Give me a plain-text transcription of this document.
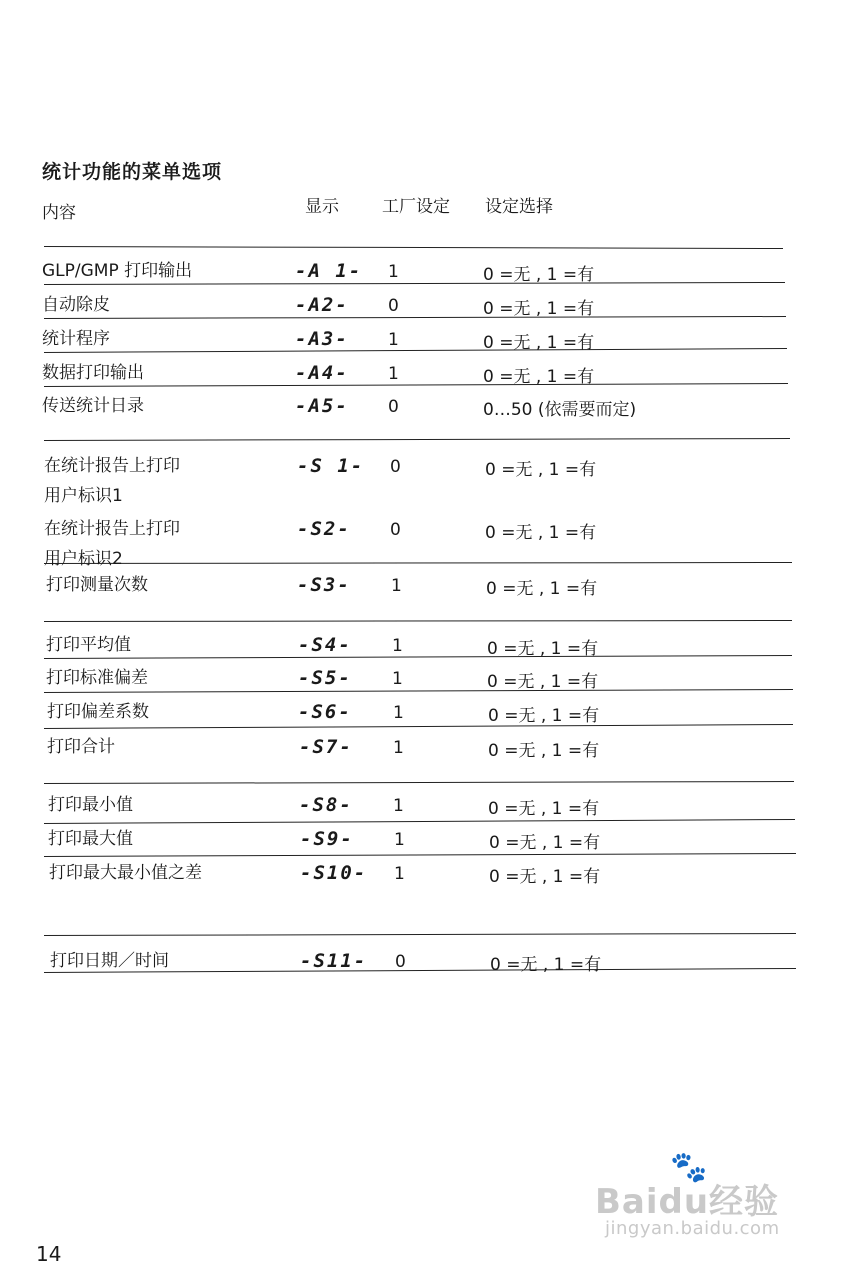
统计功能的菜单选项
内容	显示	工厂设定 设定选择
14
🐾
Baidu经验
jingyan.baidu.com
GLP/GMP 打印输出	-A 1- 1	0 =无 , 1 =有
自动除皮	-A2- 0	0 =无 , 1 =有
统计程序	-A3- 1	0 =无 , 1 =有
数据打印输出	-A4- 1	0 =无 , 1 =有
传送统计日录	-A5- 0	0…50 (依需要而定)
在统计报告上打印
用户标识1
-S 1- 0	0 =无 , 1 =有
在统计报告上打印
用户标识2
-S2- 0	0 =无 , 1 =有
打印测量次数	-S3- 1	0 =无 , 1 =有
打印平均值	-S4- 1	0 =无 , 1 =有
打印标准偏差	-S5- 1	0 =无 , 1 =有
打印偏差系数	-S6- 1	0 =无 , 1 =有
打印合计	-S7- 1	0 =无 , 1 =有
打印最小值	-S8- 1	0 =无 , 1 =有
打印最大值	-S9- 1	0 =无 , 1 =有
打印最大最小值之差	-S10- 1	0 =无 , 1 =有
打印日期／时间	-S11- 0	0 =无 , 1 =有
